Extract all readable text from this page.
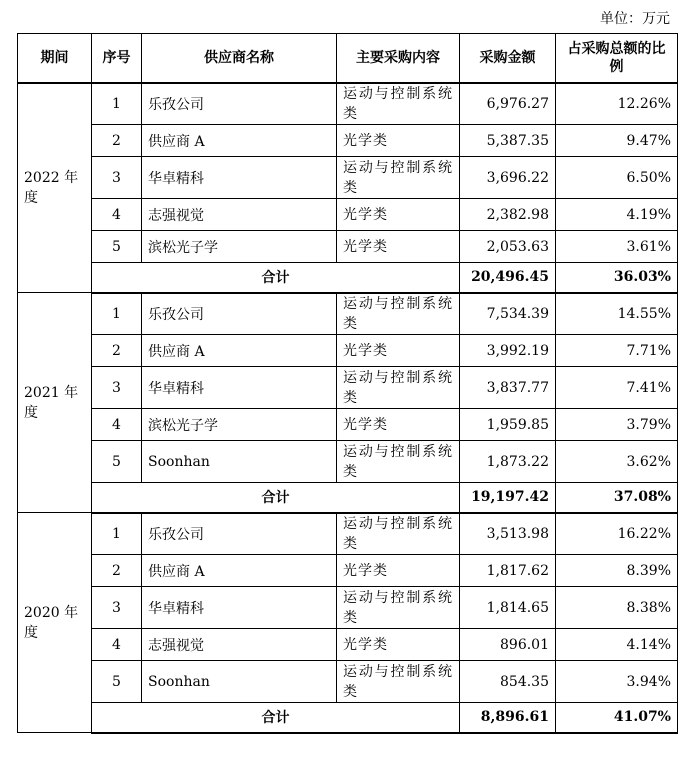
单位：万元
期间	序号	供应商名称	主要采购内容	采购金额	占采购总额的比例
2022 年度	1	乐孜公司	运动与控制系统类	6,976.27	12.26%
	2	供应商 A	光学类	5,387.35	9.47%
	3	华卓精科	运动与控制系统类	3,696.22	6.50%
	4	志强视觉	光学类	2,382.98	4.19%
	5	滨松光子学	光学类	2,053.63	3.61%
	合计			20,496.45	36.03%
2021 年度	1	乐孜公司	运动与控制系统类	7,534.39	14.55%
	2	供应商 A	光学类	3,992.19	7.71%
	3	华卓精科	运动与控制系统类	3,837.77	7.41%
	4	滨松光子学	光学类	1,959.85	3.79%
	5	Soonhan	运动与控制系统类	1,873.22	3.62%
	合计			19,197.42	37.08%
2020 年度	1	乐孜公司	运动与控制系统类	3,513.98	16.22%
	2	供应商 A	光学类	1,817.62	8.39%
	3	华卓精科	运动与控制系统类	1,814.65	8.38%
	4	志强视觉	光学类	896.01	4.14%
	5	Soonhan	运动与控制系统类	854.35	3.94%
	合计			8,896.61	41.07%
